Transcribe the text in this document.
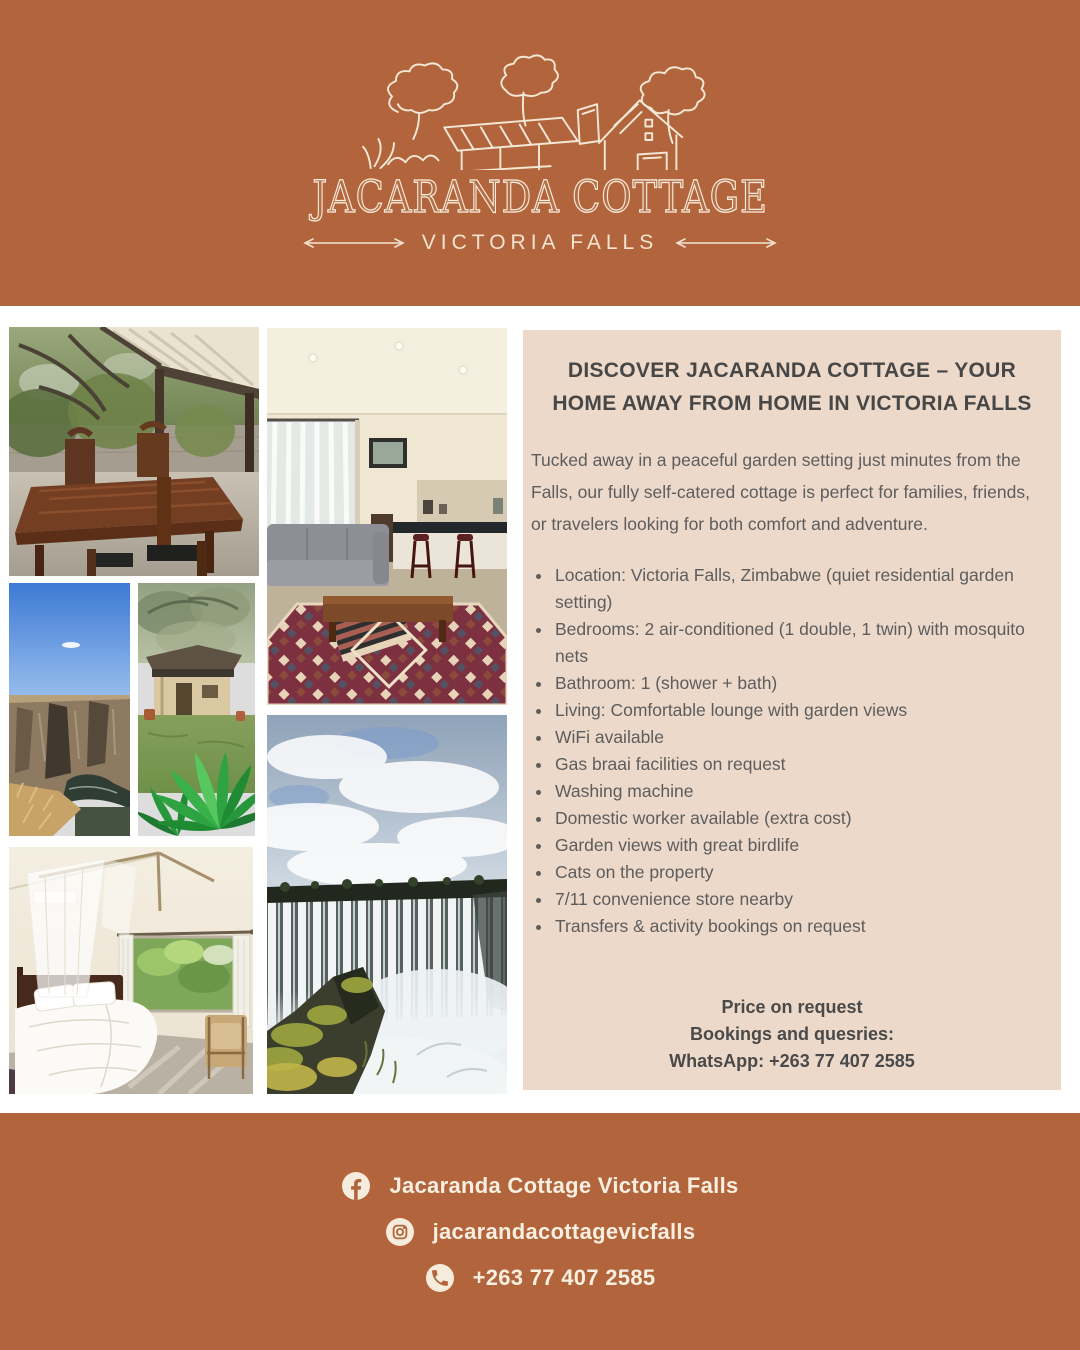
JACARANDA COTTAGE
VICTORIA FALLS
DISCOVER JACARANDA COTTAGE – YOUR HOME AWAY FROM HOME IN VICTORIA FALLS

Tucked away in a peaceful garden setting just minutes from the Falls, our fully self-catered cottage is perfect for families, friends, or travelers looking for both comfort and adventure.

• Location: Victoria Falls, Zimbabwe (quiet residential garden setting)
• Bedrooms: 2 air-conditioned (1 double, 1 twin) with mosquito nets
• Bathroom: 1 (shower + bath)
• Living: Comfortable lounge with garden views
• WiFi available
• Gas braai facilities on request
• Washing machine
• Domestic worker available (extra cost)
• Garden views with great birdlife
• Cats on the property
• 7/11 convenience store nearby
• Transfers & activity bookings on request
Price on request
Bookings and quesries:
WhatsApp: +263 77 407 2585
Jacaranda Cottage Victoria Falls
jacarandacottagevicfalls
+263 77 407 2585
